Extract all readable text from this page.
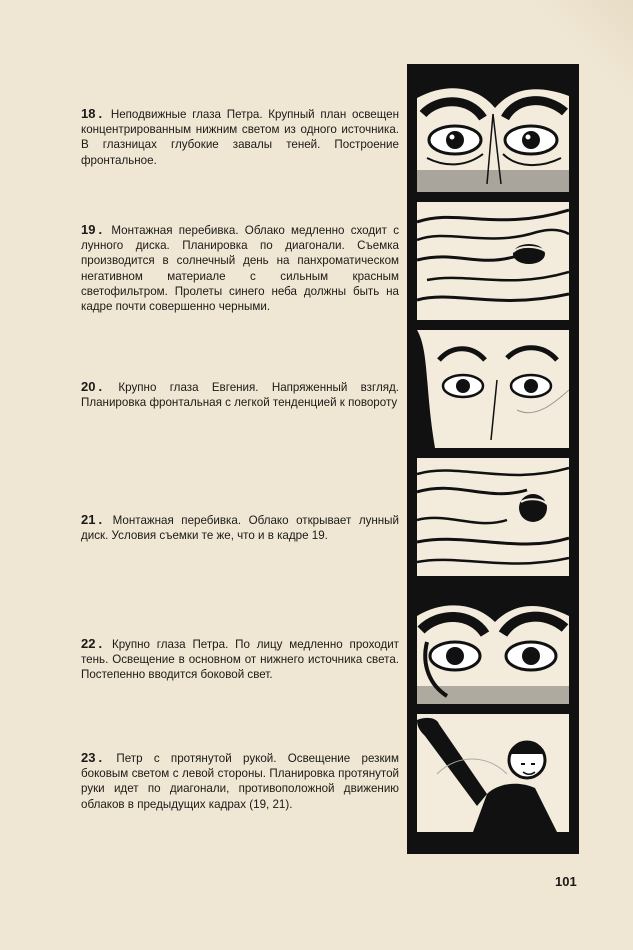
18 . Неподвижные глаза Петра. Крупный план освещен концентрированным нижним светом из одного источника. В глазницах глубокие завалы теней. Построение фронтальное.
19 . Монтажная перебивка. Облако медленно сходит с лунного диска. Планировка по диагонали. Съемка производится в солнечный день на панхроматическом негативном материале с сильным красным светофильтром. Пролеты синего неба должны быть на кадре почти совершенно черными.
20 . Крупно глаза Евгения. Напряженный взгляд. Планировка фронтальная с легкой тенденцией к повороту
21 . Монтажная перебивка. Облако открывает лунный диск. Условия съемки те же, что и в кадре 19.
22 . Крупно глаза Петра. По лицу медленно проходит тень. Освещение в основном от нижнего источника света. Постепенно вводится боковой свет.
23 . Петр с протянутой рукой. Освещение резким боковым светом с левой стороны. Планировка протянутой руки идет по диагонали, противоположной движению облаков в предыдущих кадрах (19, 21).
101
